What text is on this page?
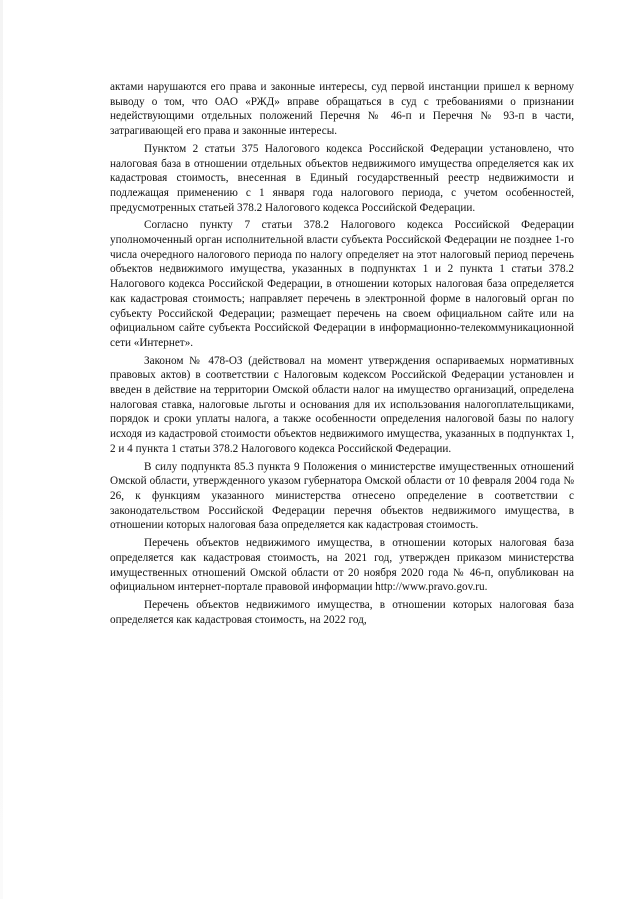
актами нарушаются его права и законные интересы, суд первой инстанции пришел к верному выводу о том, что ОАО «РЖД» вправе обращаться в суд с требованиями о признании недействующими отдельных положений Перечня № 46-п и Перечня № 93-п в части, затрагивающей его права и законные интересы.

Пунктом 2 статьи 375 Налогового кодекса Российской Федерации установлено, что налоговая база в отношении отдельных объектов недвижимого имущества определяется как их кадастровая стоимость, внесенная в Единый государственный реестр недвижимости и подлежащая применению с 1 января года налогового периода, с учетом особенностей, предусмотренных статьей 378.2 Налогового кодекса Российской Федерации.

Согласно пункту 7 статьи 378.2 Налогового кодекса Российской Федерации уполномоченный орган исполнительной власти субъекта Российской Федерации не позднее 1-го числа очередного налогового периода по налогу определяет на этот налоговый период перечень объектов недвижимого имущества, указанных в подпунктах 1 и 2 пункта 1 статьи 378.2 Налогового кодекса Российской Федерации, в отношении которых налоговая база определяется как кадастровая стоимость; направляет перечень в электронной форме в налоговый орган по субъекту Российской Федерации; размещает перечень на своем официальном сайте или на официальном сайте субъекта Российской Федерации в информационно-телекоммуникационной сети «Интернет».

Законом № 478-ОЗ (действовал на момент утверждения оспариваемых нормативных правовых актов) в соответствии с Налоговым кодексом Российской Федерации установлен и введен в действие на территории Омской области налог на имущество организаций, определена налоговая ставка, налоговые льготы и основания для их использования налогоплательщиками, порядок и сроки уплаты налога, а также особенности определения налоговой базы по налогу исходя из кадастровой стоимости объектов недвижимого имущества, указанных в подпунктах 1, 2 и 4 пункта 1 статьи 378.2 Налогового кодекса Российской Федерации.

В силу подпункта 85.3 пункта 9 Положения о министерстве имущественных отношений Омской области, утвержденного указом губернатора Омской области от 10 февраля 2004 года № 26, к функциям указанного министерства отнесено определение в соответствии с законодательством Российской Федерации перечня объектов недвижимого имущества, в отношении которых налоговая база определяется как кадастровая стоимость.

Перечень объектов недвижимого имущества, в отношении которых налоговая база определяется как кадастровая стоимость, на 2021 год, утвержден приказом министерства имущественных отношений Омской области от 20 ноября 2020 года № 46-п, опубликован на официальном интернет-портале правовой информации http://www.pravo.gov.ru.

Перечень объектов недвижимого имущества, в отношении которых налоговая база определяется как кадастровая стоимость, на 2022 год,
